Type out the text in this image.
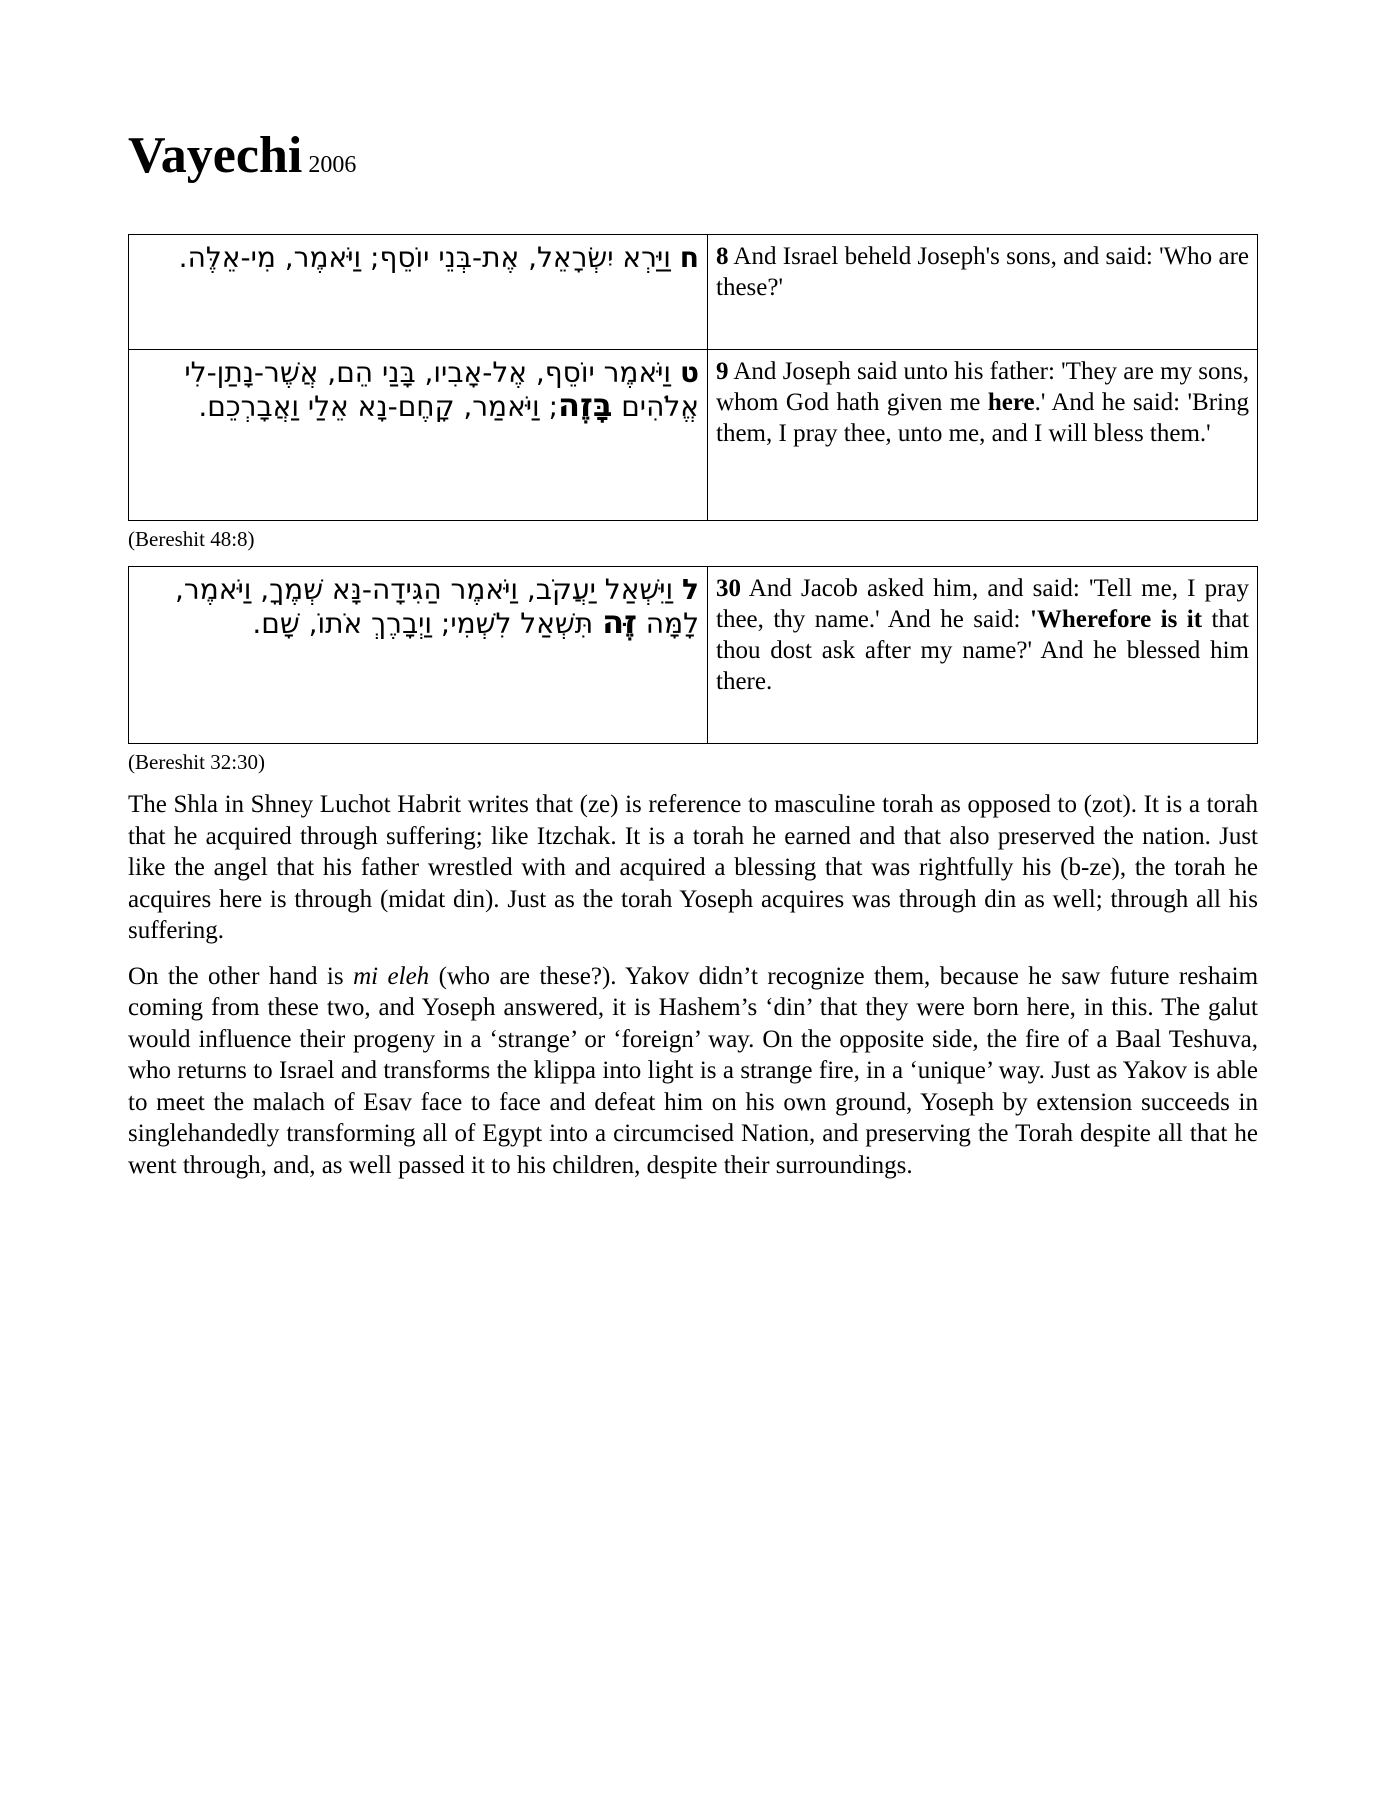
Vayechi 2006
ח וַיַּרְא יִשְׂרָאֵל, אֶת-בְּנֵי יוֹסֵף; וַיֹּאמֶר, מִי-אֵלֶּה.	8 And Israel beheld Joseph's sons, and said: 'Who are these?'
ט וַיֹּאמֶר יוֹסֵף, אֶל-אָבִיו, בָּנַי הֵם, אֲשֶׁר-נָתַן-לִי אֱלֹהִים בָּזֶה; וַיֹּאמַר, קָחֶם-נָא אֵלַי וַאֲבָרְכֵם.	9 And Joseph said unto his father: 'They are my sons, whom God hath given me here.' And he said: 'Bring them, I pray thee, unto me, and I will bless them.'
(Bereshit 48:8)
ל וַיִּשְׁאַל יַעֲקֹב, וַיֹּאמֶר הַגִּידָה-נָּא שְׁמֶךָ, וַיֹּאמֶר, לָמָּה זֶּה תִּשְׁאַל לִשְׁמִי; וַיְבָרֶךְ אֹתוֹ, שָׁם.	30 And Jacob asked him, and said: 'Tell me, I pray thee, thy name.' And he said: 'Wherefore is it that thou dost ask after my name?' And he blessed him there.
(Bereshit 32:30)

The Shla in Shney Luchot Habrit writes that (ze) is reference to masculine torah as opposed to (zot). It is a torah that he acquired through suffering; like Itzchak. It is a torah he earned and that also preserved the nation. Just like the angel that his father wrestled with and acquired a blessing that was rightfully his (b-ze), the torah he acquires here is through (midat din). Just as the torah Yoseph acquires was through din as well; through all his suffering.

On the other hand is mi eleh (who are these?). Yakov didn’t recognize them, because he saw future reshaim coming from these two, and Yoseph answered, it is Hashem’s ‘din’ that they were born here, in this. The galut would influence their progeny in a ‘strange’ or ‘foreign’ way. On the opposite side, the fire of a Baal Teshuva, who returns to Israel and transforms the klippa into light is a strange fire, in a ‘unique’ way. Just as Yakov is able to meet the malach of Esav face to face and defeat him on his own ground, Yoseph by extension succeeds in singlehandedly transforming all of Egypt into a circumcised Nation, and preserving the Torah despite all that he went through, and, as well passed it to his children, despite their surroundings.
